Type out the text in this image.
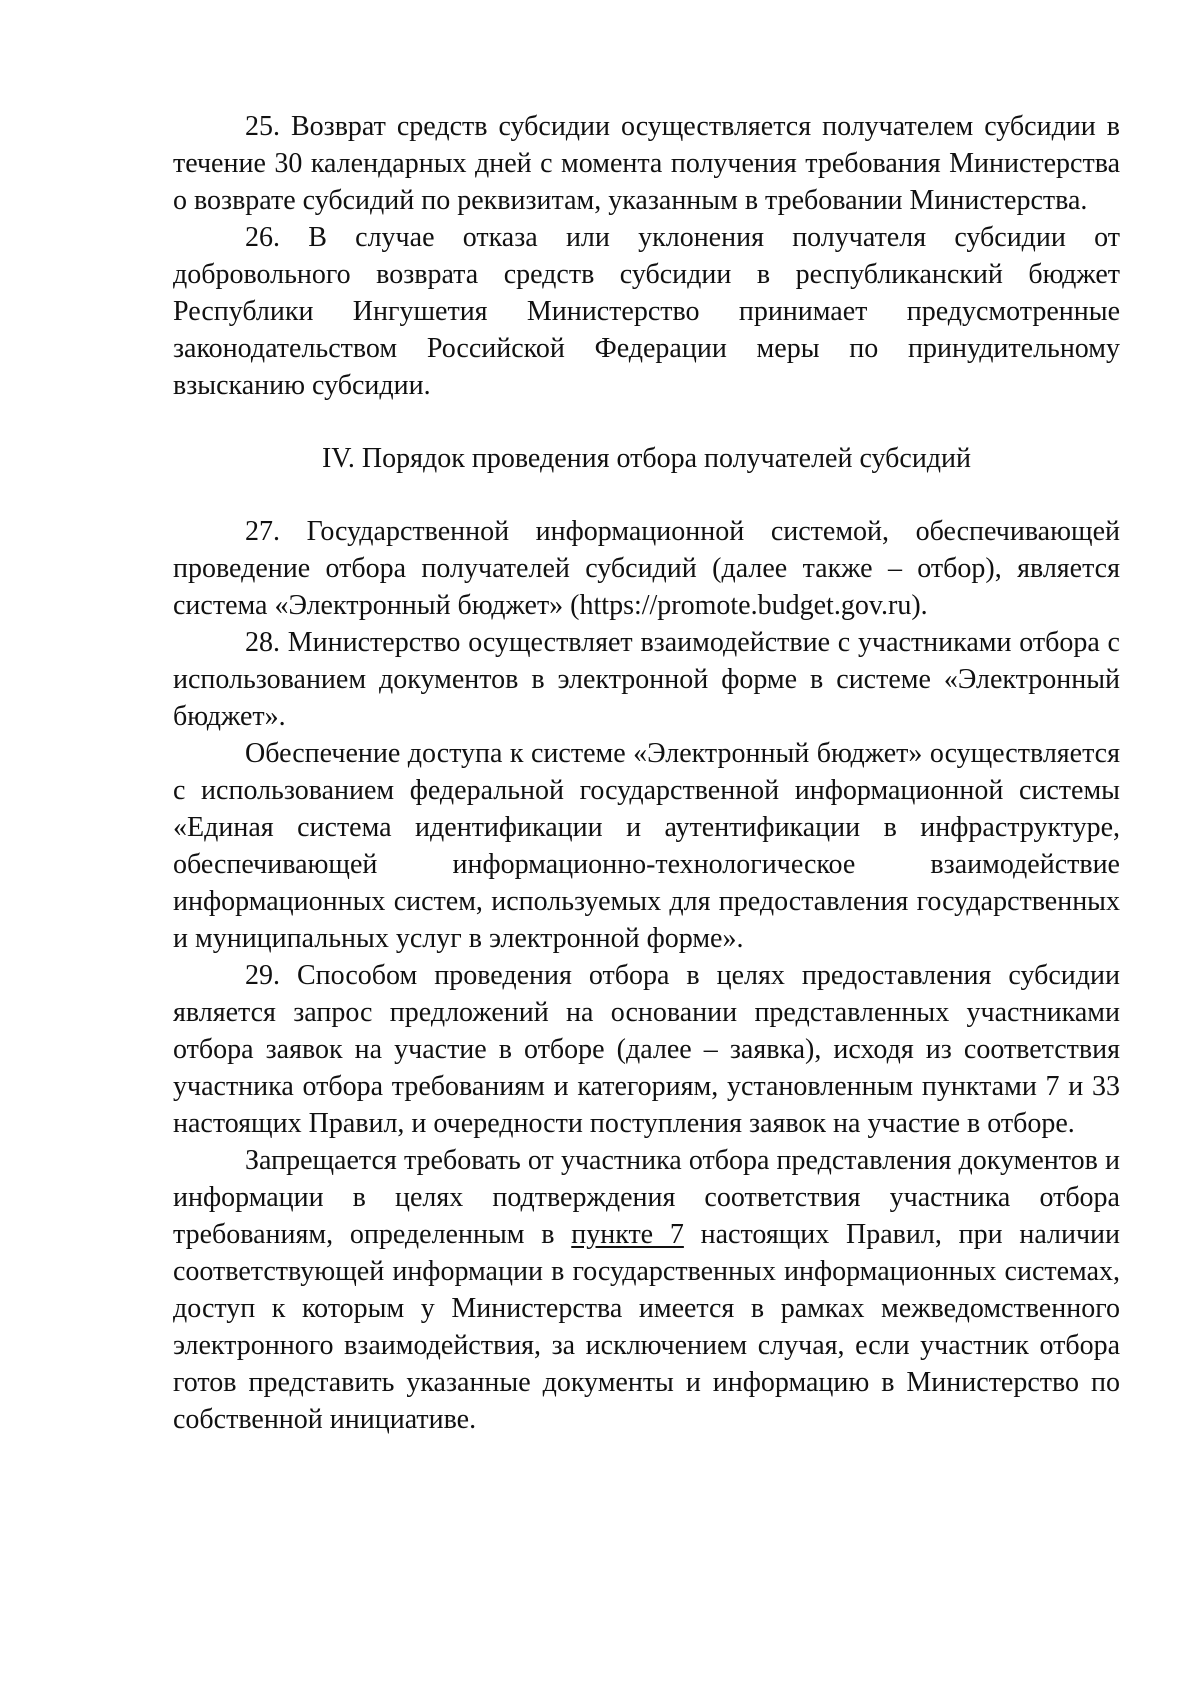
25. Возврат средств субсидии осуществляется получателем субсидии в течение 30 календарных дней с момента получения требования Министерства о возврате субсидий по реквизитам, указанным в требовании Министерства.

26. В случае отказа или уклонения получателя субсидии от добровольного возврата средств субсидии в республиканский бюджет Республики Ингушетия Министерство принимает предусмотренные законодательством Российской Федерации меры по принудительному взысканию субсидии.

IV. Порядок проведения отбора получателей субсидий

27. Государственной информационной системой, обеспечивающей проведение отбора получателей субсидий (далее также – отбор), является система «Электронный бюджет» (https://promote.budget.gov.ru).

28. Министерство осуществляет взаимодействие с участниками отбора с использованием документов в электронной форме в системе «Электронный бюджет».

Обеспечение доступа к системе «Электронный бюджет» осуществляется с использованием федеральной государственной информационной системы «Единая система идентификации и аутентификации в инфраструктуре, обеспечивающей информационно-технологическое взаимодействие информационных систем, используемых для предоставления государственных и муниципальных услуг в электронной форме».

29. Способом проведения отбора в целях предоставления субсидии является запрос предложений на основании представленных участниками отбора заявок на участие в отборе (далее – заявка), исходя из соответствия участника отбора требованиям и категориям, установленным пунктами 7 и 33 настоящих Правил, и очередности поступления заявок на участие в отборе.

Запрещается требовать от участника отбора представления документов и информации в целях подтверждения соответствия участника отбора требованиям, определенным в пункте 7 настоящих Правил, при наличии соответствующей информации в государственных информационных системах, доступ к которым у Министерства имеется в рамках межведомственного электронного взаимодействия, за исключением случая, если участник отбора готов представить указанные документы и информацию в Министерство по собственной инициативе.
